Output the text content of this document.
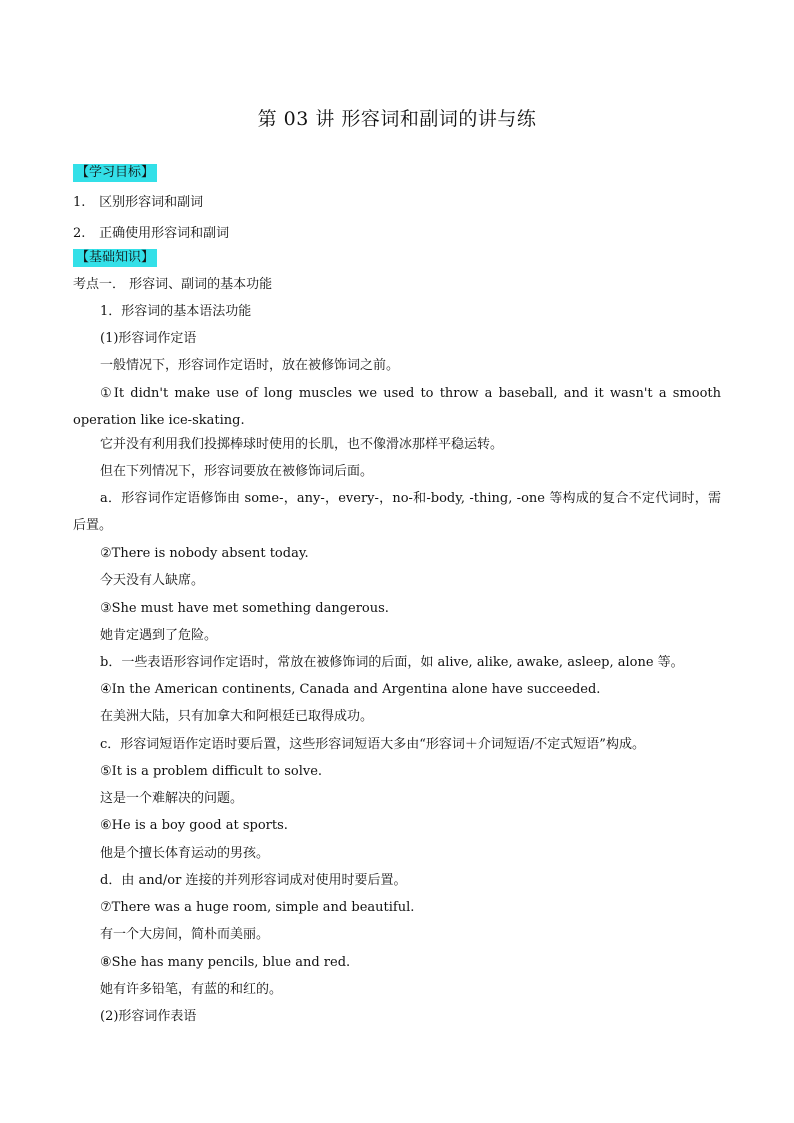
第 03 讲 形容词和副词的讲与练
【学习目标】
1. 区别形容词和副词
2. 正确使用形容词和副词
【基础知识】
考点一． 形容词、副词的基本功能
1．形容词的基本语法功能
(1)形容词作定语
一般情况下，形容词作定语时，放在被修饰词之前。
①It didn't make use of long muscles we used to throw a baseball, and it wasn't a smooth operation like ice-skating.
它并没有利用我们投掷棒球时使用的长肌，也不像滑冰那样平稳运转。
但在下列情况下，形容词要放在被修饰词后面。
a．形容词作定语修饰由 some-，any-，every-，no-和-body, -thing, -one 等构成的复合不定代词时，需后置。
②There is nobody absent today.
今天没有人缺席。
③She must have met something dangerous.
她肯定遇到了危险。
b．一些表语形容词作定语时，常放在被修饰词的后面，如 alive, alike, awake, asleep, alone 等。
④In the American continents, Canada and Argentina alone have succeeded.
在美洲大陆，只有加拿大和阿根廷已取得成功。
c．形容词短语作定语时要后置，这些形容词短语大多由“形容词＋介词短语/不定式短语”构成。
⑤It is a problem difficult to solve.
这是一个难解决的问题。
⑥He is a boy good at sports.
他是个擅长体育运动的男孩。
d．由 and/or 连接的并列形容词成对使用时要后置。
⑦There was a huge room, simple and beautiful.
有一个大房间，简朴而美丽。
⑧She has many pencils, blue and red.
她有许多铅笔，有蓝的和红的。
(2)形容词作表语
